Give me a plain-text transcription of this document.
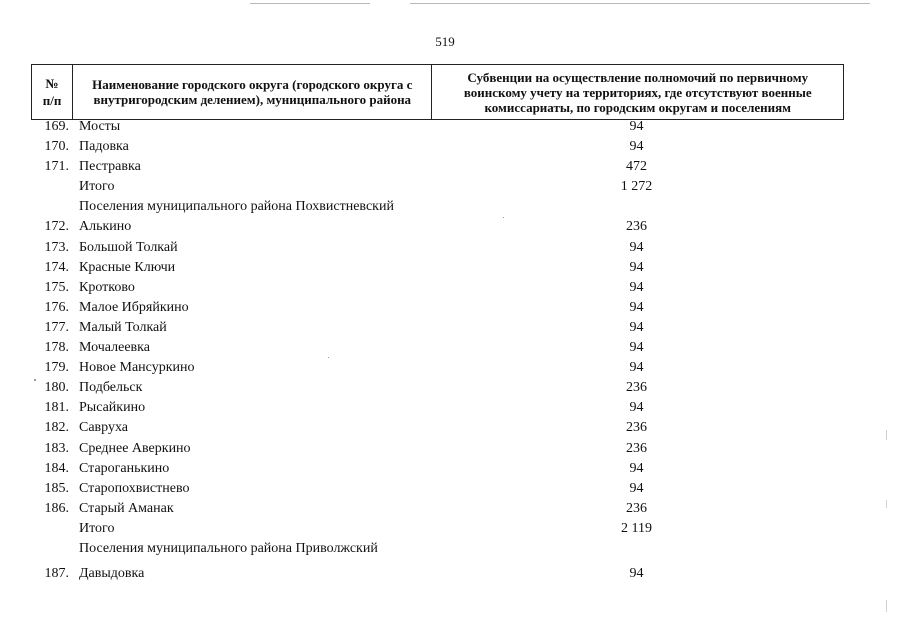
519
№ п/п	Наименование городского округа (городского округа с внутригородским делением), муниципального района	Субвенции на осуществление полномочий по первичному воинскому учету на территориях, где отсутствуют военные комиссариаты, по городским округам и поселениям
169. Мосты	94
170. Падовка	94
171. Пестравка	472
Итого	1 272
Поселения муниципального района Похвистневский
172. Алькино	236
173. Большой Толкай	94
174. Красные Ключи	94
175. Кротково	94
176. Малое Ибряйкино	94
177. Малый Толкай	94
178. Мочалеевка	94
179. Новое Мансуркино	94
180. Подбельск	236
181. Рысайкино	94
182. Савруха	236
183. Среднее Аверкино	236
184. Староганькино	94
185. Старопохвистнево	94
186. Старый Аманак	236
Итого	2 119
Поселения муниципального района Приволжский
187. Давыдовка	94
